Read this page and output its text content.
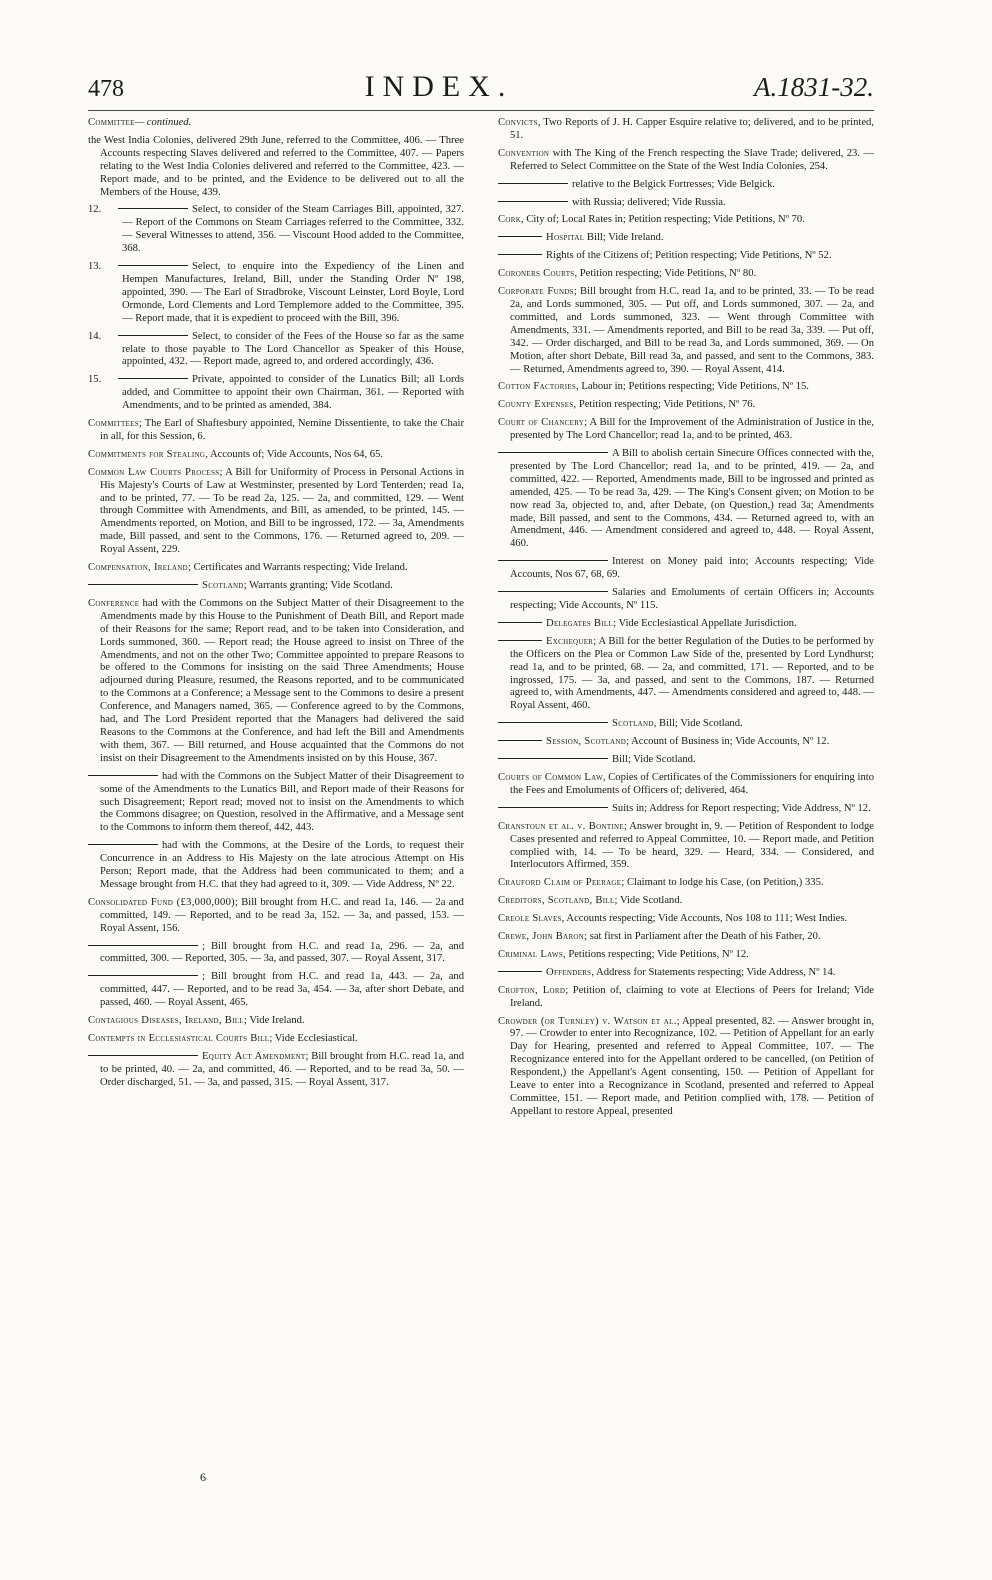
478	INDEX.	A.1831-32.
Committee— continued.
the West India Colonies, delivered 29th June, referred to the Committee, 406. — Three Accounts respecting Slaves delivered and referred to the Committee, 407. — Papers relating to the West India Colonies delivered and referred to the Committee, 423. — Report made, and to be printed, and the Evidence to be delivered out to all the Members of the House, 439.
12.	Select, to consider of the Steam Carriages Bill, appointed, 327. — Report of the Commons on Steam Carriages referred to the Committee, 332. — Several Witnesses to attend, 356. — Viscount Hood added to the Committee, 368.
13.	Select, to enquire into the Expediency of the Linen and Hempen Manufactures, Ireland, Bill, under the Standing Order Nº 198, appointed, 390. — The Earl of Stradbroke, Viscount Leinster, Lord Boyle, Lord Ormonde, Lord Clements and Lord Templemore added to the Committee, 395. — Report made, that it is expedient to proceed with the Bill, 396.
14.	Select, to consider of the Fees of the House so far as the same relate to those payable to The Lord Chancellor as Speaker of this House, appointed, 432. — Report made, agreed to, and ordered accordingly, 436.
15.	Private, appointed to consider of the Lunatics Bill; all Lords added, and Committee to appoint their own Chairman, 361. — Reported with Amendments, and to be printed as amended, 384.
Committees; The Earl of Shaftesbury appointed, Nemine Dissentiente, to take the Chair in all, for this Session, 6.
Commitments for Stealing, Accounts of; Vide Accounts, Nos 64, 65.
Common Law Courts Process; A Bill for Uniformity of Process in Personal Actions in His Majesty's Courts of Law at Westminster, presented by Lord Tenterden; read 1a, and to be printed, 77. — To be read 2a, 125. — 2a, and committed, 129. — Went through Committee with Amendments, and Bill, as amended, to be printed, 145. — Amendments reported, on Motion, and Bill to be ingrossed, 172. — 3a, Amendments made, Bill passed, and sent to the Commons, 176. — Returned agreed to, 209. — Royal Assent, 229.
Compensation, Ireland; Certificates and Warrants respecting; Vide Ireland.
Scotland; Warrants granting; Vide Scotland.
Conference had with the Commons on the Subject Matter of their Disagreement to the Amendments made by this House to the Punishment of Death Bill, and Report made of their Reasons for the same; Report read, and to be taken into Consideration, and Lords summoned, 360. — Report read; the House agreed to insist on Three of the Amendments, and not on the other Two; Committee appointed to prepare Reasons to be offered to the Commons for insisting on the said Three Amendments; House adjourned during Pleasure, resumed, the Reasons reported, and to be communicated to the Commons at a Conference; a Message sent to the Commons to desire a present Conference, and Managers named, 365. — Conference agreed to by the Commons, had, and The Lord President reported that the Managers had delivered the said Reasons to the Commons at the Conference, and had left the Bill and Amendments with them, 367. — Bill returned, and House acquainted that the Commons do not insist on their Disagreement to the Amendments insisted on by this House, 367.
had with the Commons on the Subject Matter of their Disagreement to some of the Amendments to the Lunatics Bill, and Report made of their Reasons for such Disagreement; Report read; moved not to insist on the Amendments to which the Commons disagree; on Question, resolved in the Affirmative, and a Message sent to the Commons to inform them thereof, 442, 443.
had with the Commons, at the Desire of the Lords, to request their Concurrence in an Address to His Majesty on the late atrocious Attempt on His Person; Report made, that the Address had been communicated to them; and a Message brought from H.C. that they had agreed to it, 309. — Vide Address, Nº 22.
Consolidated Fund (£3,000,000); Bill brought from H.C. and read 1a, 146. — 2a and committed, 149. — Reported, and to be read 3a, 152. — 3a, and passed, 153. — Royal Assent, 156.
; Bill brought from H.C. and read 1a, 296. — 2a, and committed, 300. — Reported, 305. — 3a, and passed, 307. — Royal Assent, 317.
; Bill brought from H.C. and read 1a, 443. — 2a, and committed, 447. — Reported, and to be read 3a, 454. — 3a, after short Debate, and passed, 460. — Royal Assent, 465.
Contagious Diseases, Ireland, Bill; Vide Ireland.
Contempts in Ecclesiastical Courts Bill; Vide Ecclesiastical.
Equity Act Amendment; Bill brought from H.C. read 1a, and to be printed, 40. — 2a, and committed, 46. — Reported, and to be read 3a, 50. — Order discharged, 51. — 3a, and passed, 315. — Royal Assent, 317.
Convicts, Two Reports of J. H. Capper Esquire relative to; delivered, and to be printed, 51.
Convention with The King of the French respecting the Slave Trade; delivered, 23. — Referred to Select Committee on the State of the West India Colonies, 254.
relative to the Belgick Fortresses; Vide Belgick.
with Russia; delivered; Vide Russia.
Cork, City of; Local Rates in; Petition respecting; Vide Petitions, Nº 70.
Hospital Bill; Vide Ireland.
Rights of the Citizens of; Petition respecting; Vide Petitions, Nº 52.
Coroners Courts, Petition respecting; Vide Petitions, Nº 80.
Corporate Funds; Bill brought from H.C. read 1a, and to be printed, 33. — To be read 2a, and Lords summoned, 305. — Put off, and Lords summoned, 307. — 2a, and committed, and Lords summoned, 323. — Went through Committee with Amendments, 331. — Amendments reported, and Bill to be read 3a, 339. — Put off, 342. — Order discharged, and Bill to be read 3a, and Lords summoned, 369. — On Motion, after short Debate, Bill read 3a, and passed, and sent to the Commons, 383. — Returned, Amendments agreed to, 390. — Royal Assent, 414.
Cotton Factories, Labour in; Petitions respecting; Vide Petitions, Nº 15.
County Expenses, Petition respecting; Vide Petitions, Nº 76.
Court of Chancery; A Bill for the Improvement of the Administration of Justice in the, presented by The Lord Chancellor; read 1a, and to be printed, 463.
A Bill to abolish certain Sinecure Offices connected with the, presented by The Lord Chancellor; read 1a, and to be printed, 419. — 2a, and committed, 422. — Reported, Amendments made, Bill to be ingrossed and printed as amended, 425. — To be read 3a, 429. — The King's Consent given; on Motion to be now read 3a, objected to, and, after Debate, (on Question,) read 3a; Amendments made, Bill passed, and sent to the Commons, 434. — Returned agreed to, with an Amendment, 446. — Amendment considered and agreed to, 448. — Royal Assent, 460.
Interest on Money paid into; Accounts respecting; Vide Accounts, Nos 67, 68, 69.
Salaries and Emoluments of certain Officers in; Accounts respecting; Vide Accounts, Nº 115.
Delegates Bill; Vide Ecclesiastical Appellate Jurisdiction.
Exchequer; A Bill for the better Regulation of the Duties to be performed by the Officers on the Plea or Common Law Side of the, presented by Lord Lyndhurst; read 1a, and to be printed, 68. — 2a, and committed, 171. — Reported, and to be ingrossed, 175. — 3a, and passed, and sent to the Commons, 187. — Returned agreed to, with Amendments, 447. — Amendments considered and agreed to, 448. — Royal Assent, 460.
Scotland, Bill; Vide Scotland.
Session, Scotland; Account of Business in; Vide Accounts, Nº 12.
Bill; Vide Scotland.
Courts of Common Law, Copies of Certificates of the Commissioners for enquiring into the Fees and Emoluments of Officers of; delivered, 464.
Suits in; Address for Report respecting; Vide Address, Nº 12.
Cranstoun et al. v. Bontine; Answer brought in, 9. — Petition of Respondent to lodge Cases presented and referred to Appeal Committee, 10. — Report made, and Petition complied with, 14. — To be heard, 329. — Heard, 334. — Considered, and Interlocutors Affirmed, 359.
Crauford Claim of Peerage; Claimant to lodge his Case, (on Petition,) 335.
Creditors, Scotland, Bill; Vide Scotland.
Creole Slaves, Accounts respecting; Vide Accounts, Nos 108 to 111; West Indies.
Crewe, John Baron; sat first in Parliament after the Death of his Father, 20.
Criminal Laws, Petitions respecting; Vide Petitions, Nº 12.
Offenders, Address for Statements respecting; Vide Address, Nº 14.
Crofton, Lord; Petition of, claiming to vote at Elections of Peers for Ireland; Vide Ireland.
Crowder (or Turnley) v. Watson et al.; Appeal presented, 82. — Answer brought in, 97. — Crowder to enter into Recognizance, 102. — Petition of Appellant for an early Day for Hearing, presented and referred to Appeal Committee, 107. — The Recognizance entered into for the Appellant ordered to be cancelled, (on Petition of Respondent,) the Appellant's Agent consenting, 150. — Petition of Appellant for Leave to enter into a Recognizance in Scotland, presented and referred to Appeal Committee, 151. — Report made, and Petition complied with, 178. — Petition of Appellant to restore Appeal, presented
6
